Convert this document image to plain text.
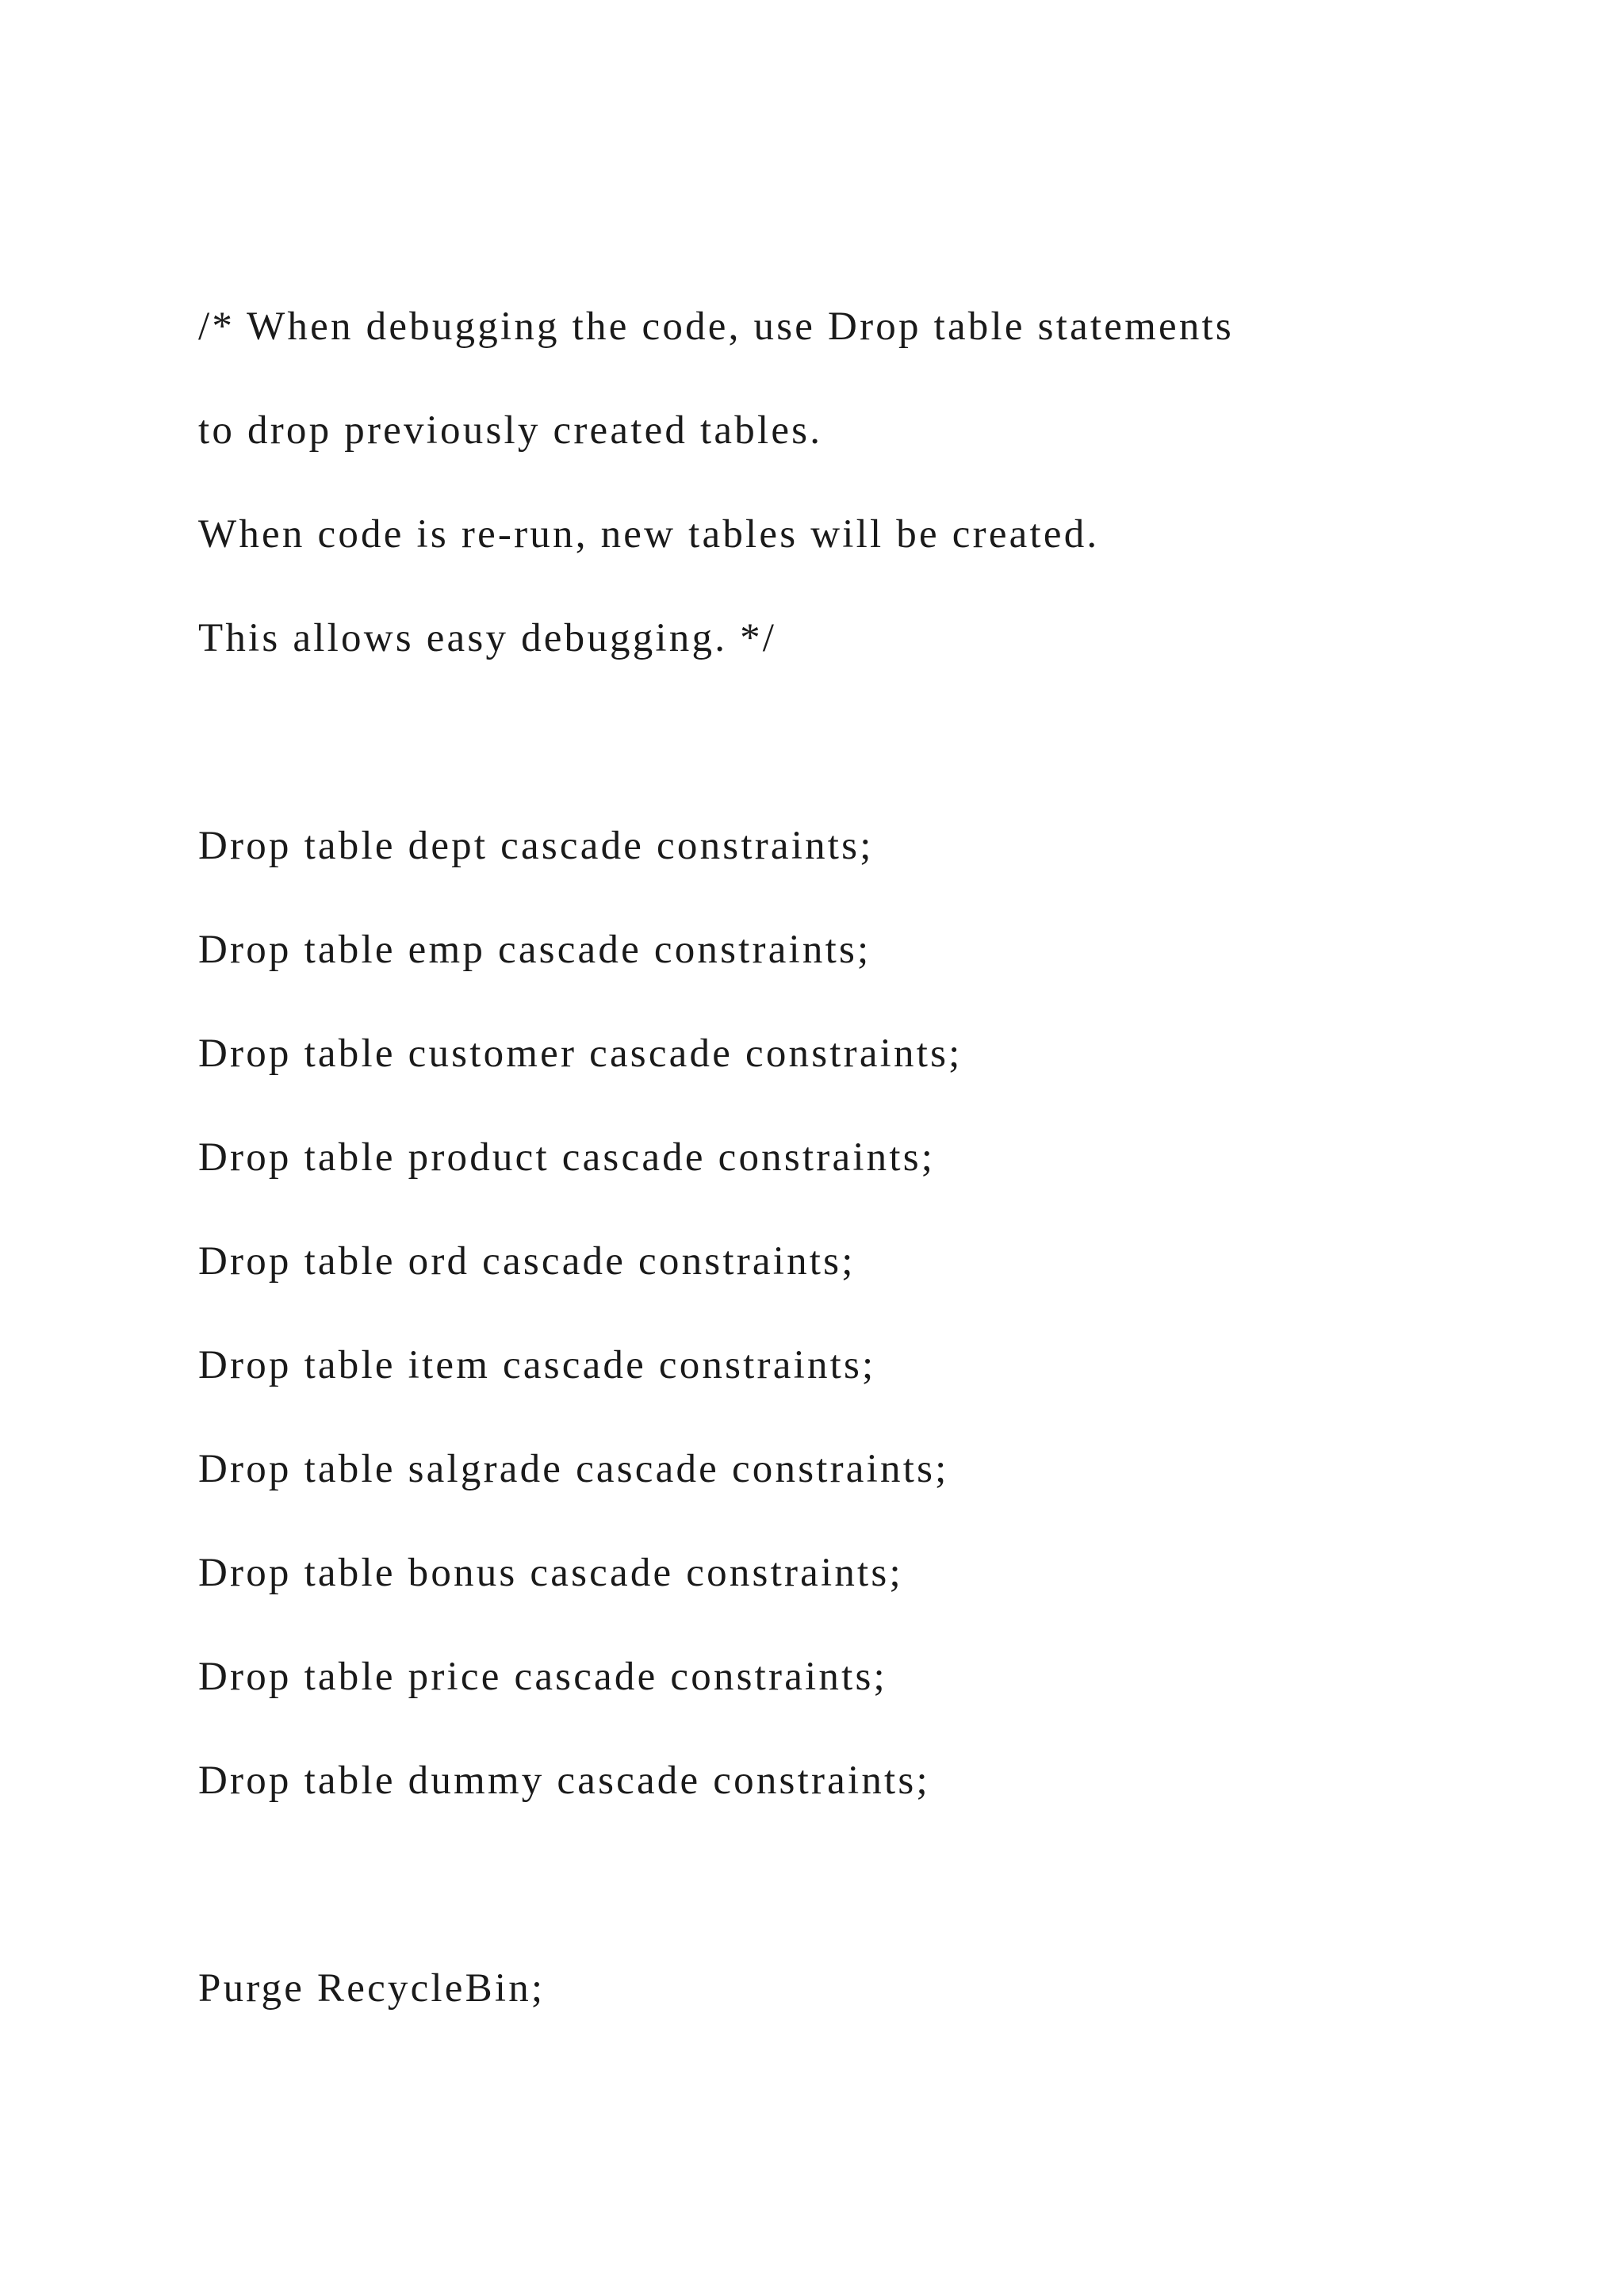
/* When debugging the code, use Drop table statements
to drop previously created tables.
When code is re-run, new tables will be created.
This allows easy debugging. */
Drop table dept cascade constraints;
Drop table emp cascade constraints;
Drop table customer cascade constraints;
Drop table product cascade constraints;
Drop table ord cascade constraints;
Drop table item cascade constraints;
Drop table salgrade cascade constraints;
Drop table bonus cascade constraints;
Drop table price cascade constraints;
Drop table dummy cascade constraints;
Purge RecycleBin;
